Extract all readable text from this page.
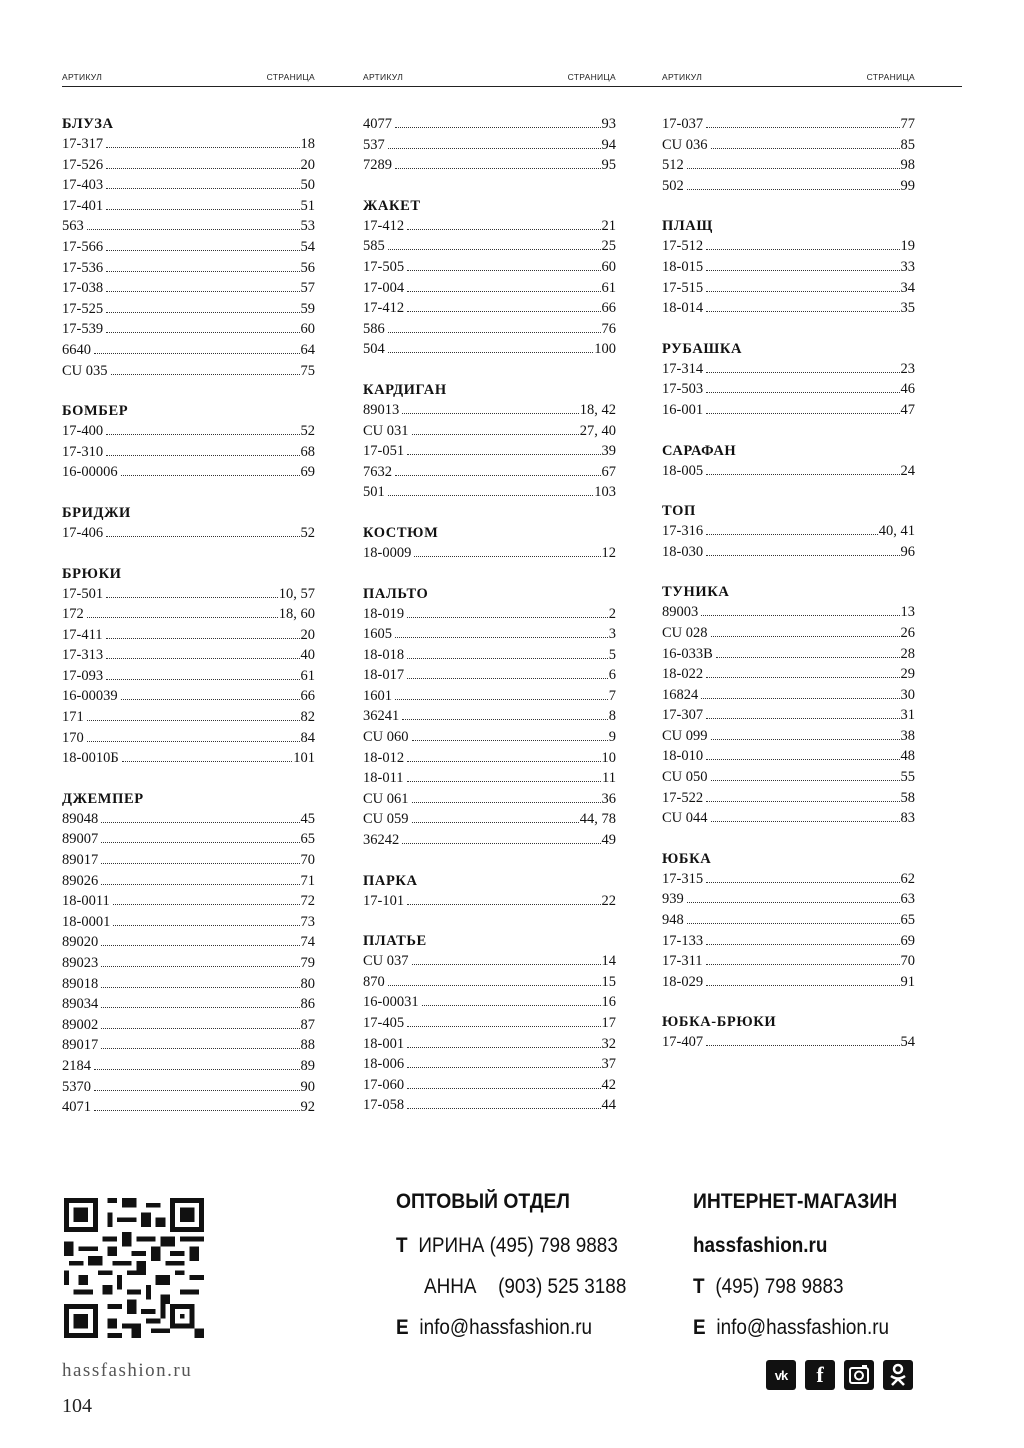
АРТИКУЛ	СТРАНИЦА	АРТИКУЛ	СТРАНИЦА	АРТИКУЛ	СТРАНИЦА
БЛУЗА
17-317	18
17-526	20
17-403	50
17-401	51
563	53
17-566	54
17-536	56
17-038	57
17-525	59
17-539	60
6640	64
CU 035	75
БОМБЕР
17-400	52
17-310	68
16-00006	69
БРИДЖИ
17-406	52
БРЮКИ
17-501	10, 57
172	18, 60
17-411	20
17-313	40
17-093	61
16-00039	66
171	82
170	84
18-0010Б	101
ДЖЕМПЕР
89048	45
89007	65
89017	70
89026	71
18-0011	72
18-0001	73
89020	74
89023	79
89018	80
89034	86
89002	87
89017	88
2184	89
5370	90
4071	92
4077	93
537	94
7289	95
ЖАКЕТ
17-412	21
585	25
17-505	60
17-004	61
17-412	66
586	76
504	100
КАРДИГАН
89013	18, 42
CU 031	27, 40
17-051	39
7632	67
501	103
КОСТЮМ
18-0009	12
ПАЛЬТО
18-019	2
1605	3
18-018	5
18-017	6
1601	7
36241	8
CU 060	9
18-012	10
18-011	11
CU 061	36
CU 059	44, 78
36242	49
ПАРКА
17-101	22
ПЛАТЬЕ
CU 037	14
870	15
16-00031	16
17-405	17
18-001	32
18-006	37
17-060	42
17-058	44
17-037	77
CU 036	85
512	98
502	99
ПЛАЩ
17-512	19
18-015	33
17-515	34
18-014	35
РУБАШКА
17-314	23
17-503	46
16-001	47
САРАФАН
18-005	24
ТОП
17-316	40, 41
18-030	96
ТУНИКА
89003	13
CU 028	26
16-033В	28
18-022	29
16824	30
17-307	31
CU 099	38
18-010	48
CU 050	55
17-522	58
CU 044	83
ЮБКА
17-315	62
939	63
948	65
17-133	69
17-311	70
18-029	91
ЮБКА-БРЮКИ
17-407	54
hassfashion.ru
104
ОПТОВЫЙ ОТДЕЛ
Т ИРИНА (495) 798 9883
АННА (903) 525 3188
Е info@hassfashion.ru
ИНТЕРНЕТ-МАГАЗИН
hassfashion.ru
Т (495) 798 9883
Е info@hassfashion.ru
vk f
